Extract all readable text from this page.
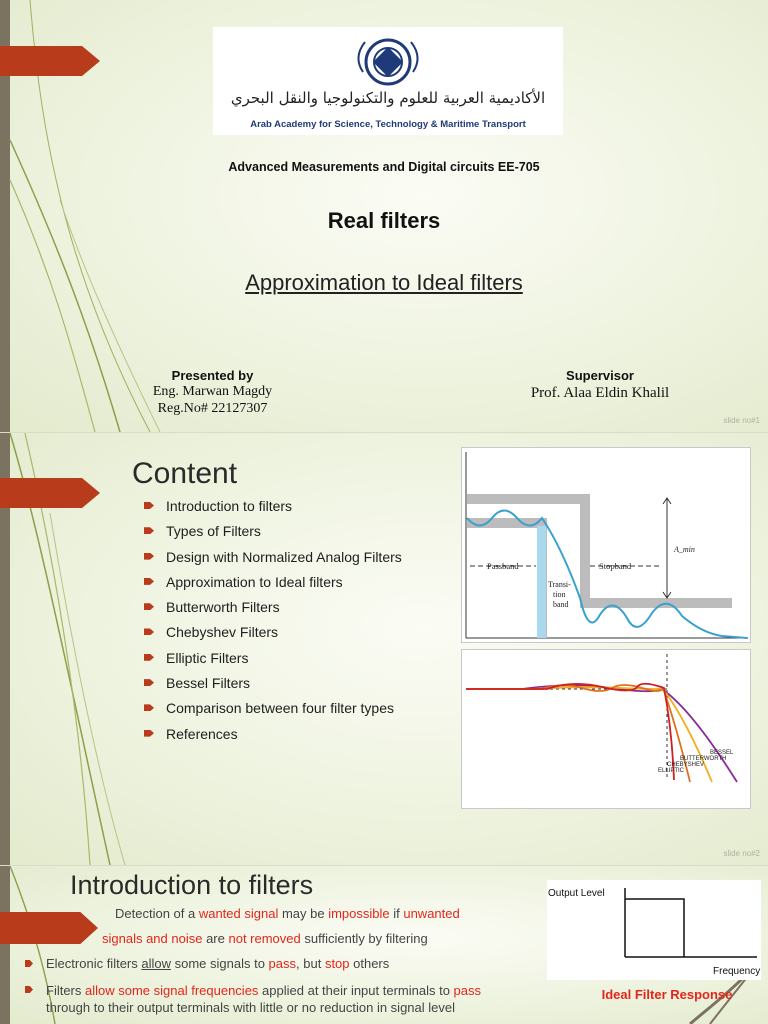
الأكاديمية العربية للعلوم والتكنولوجيا والنقل البحري
Arab Academy for Science, Technology & Maritime Transport
Advanced Measurements and Digital circuits EE-705
Real filters
Approximation to Ideal filters
Presented by
Eng. Marwan Magdy
Reg.No# 22127307
Supervisor
Prof. Alaa Eldin Khalil
slide no#1
Content
Introduction to filters
Types of Filters
Design with Normalized Analog Filters
Approximation to Ideal filters
Butterworth Filters
Chebyshev Filters
Elliptic Filters
Bessel Filters
Comparison between four filter types
References
Passband
Transi-
tion
band
Stopband
A_min
BESSEL
BUTTERWORTH
CHEBYSHEV
ELLIPTIC
slide no#2
Introduction to filters
Detection of a wanted signal may be impossible if unwanted
signals and noise are not removed sufficiently by filtering
Electronic filters allow some signals to pass, but stop others
Filters allow some signal frequencies applied at their input terminals to pass
through to their output terminals with little or no reduction in signal level
Output Level
Frequency
Ideal Filter Response
